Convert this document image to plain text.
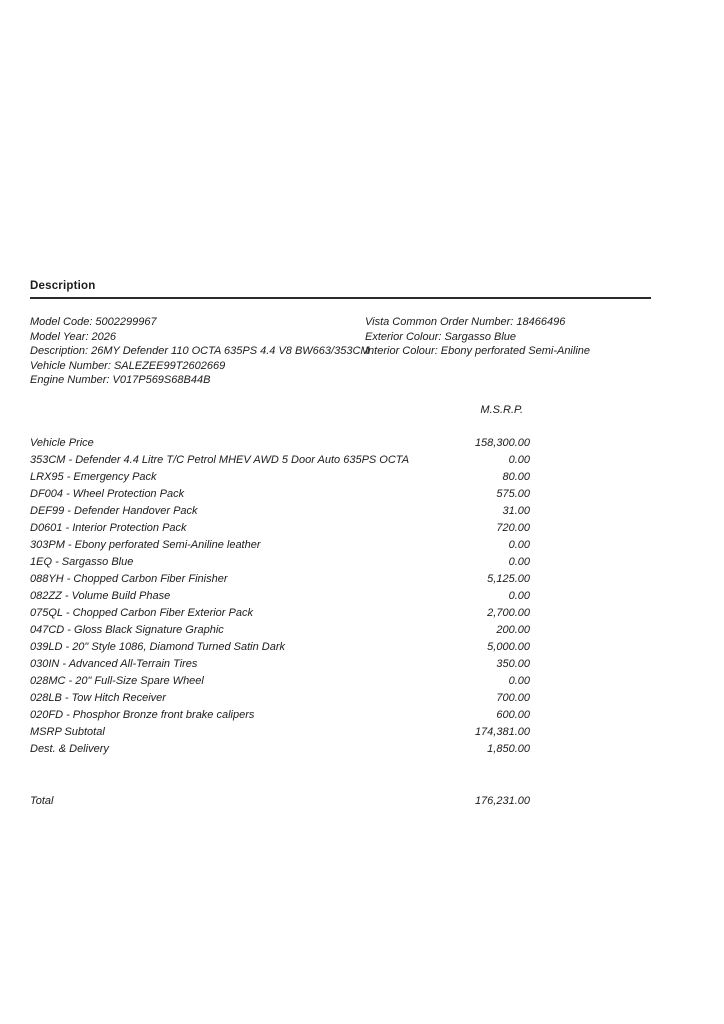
Description
Model Code: 5002299967
Model Year: 2026
Description: 26MY Defender 110 OCTA 635PS 4.4 V8 BW663/353CM
Vehicle Number: SALEZEE99T2602669
Engine Number: V017P569S68B44B
Vista Common Order Number: 18466496
Exterior Colour: Sargasso Blue
Interior Colour: Ebony perforated Semi-Aniline
M.S.R.P.
Vehicle Price	158,300.00
353CM - Defender 4.4 Litre T/C Petrol MHEV AWD 5 Door Auto 635PS OCTA	0.00
LRX95 - Emergency Pack	80.00
DF004 - Wheel Protection Pack	575.00
DEF99 - Defender Handover Pack	31.00
D0601 - Interior Protection Pack	720.00
303PM - Ebony perforated Semi-Aniline leather	0.00
1EQ - Sargasso Blue	0.00
088YH - Chopped Carbon Fiber Finisher	5,125.00
082ZZ - Volume Build Phase	0.00
075QL - Chopped Carbon Fiber Exterior Pack	2,700.00
047CD - Gloss Black Signature Graphic	200.00
039LD - 20" Style 1086, Diamond Turned Satin Dark	5,000.00
030IN - Advanced All-Terrain Tires	350.00
028MC - 20" Full-Size Spare Wheel	0.00
028LB - Tow Hitch Receiver	700.00
020FD - Phosphor Bronze front brake calipers	600.00
MSRP Subtotal	174,381.00
Dest. & Delivery	1,850.00
Total	176,231.00
